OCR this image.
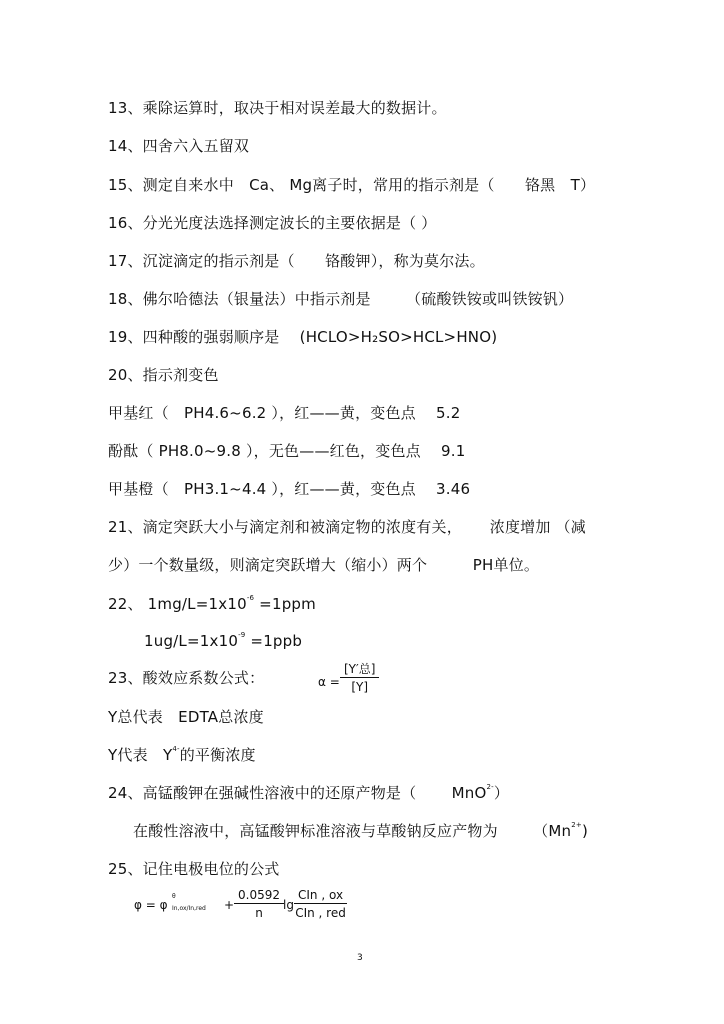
13、乘除运算时，取决于相对误差最大的数据计。
14、四舍六入五留双
15、测定自来水中　Ca、 Mg离子时，常用的指示剂是（　　铬黑　T）
16、分光光度法选择测定波长的主要依据是（ ）
17、沉淀滴定的指示剂是（　　铬酸钾），称为莫尔法。
18、佛尔哈德法（银量法）中指示剂是　　 （硫酸铁铵或叫铁铵钒）
19、四种酸的强弱顺序是　 (HCLO>H₂SO>HCL>HNO)
20、指示剂变色
甲基红（　PH4.6~6.2 ），红——黄，变色点　 5.2
酚酞（ PH8.0~9.8 ），无色——红色，变色点　 9.1
甲基橙（　PH3.1~4.4 ），红——黄，变色点　 3.46
21、滴定突跃大小与滴定剂和被滴定物的浓度有关，　　 浓度增加 （减
少）一个数量级，则滴定突跃增大（缩小）两个　　　PH单位。
22、 $1mg/L=1x10^{-6} =1ppm$
$1ug/L=1x10^{-9} =1ppb$
23、酸效应系数公式：	α =
[Y′总]
[Y]
Y总代表　EDTA总浓度
Y代表　$Y^{4-}$的平衡浓度
24、高锰酸钾在强碱性溶液中的还原产物是（　　 MnO$^{2-}$）
在酸性溶液中，高锰酸钾标准溶液与草酸钠反应产物为　　 $(Mn^{2+})$
25、记住电极电位的公式
φ = φ
θ
$In,ox/In,red + \frac{0.0592}{n}$ lg
CIn , ox
CIn , red
3
